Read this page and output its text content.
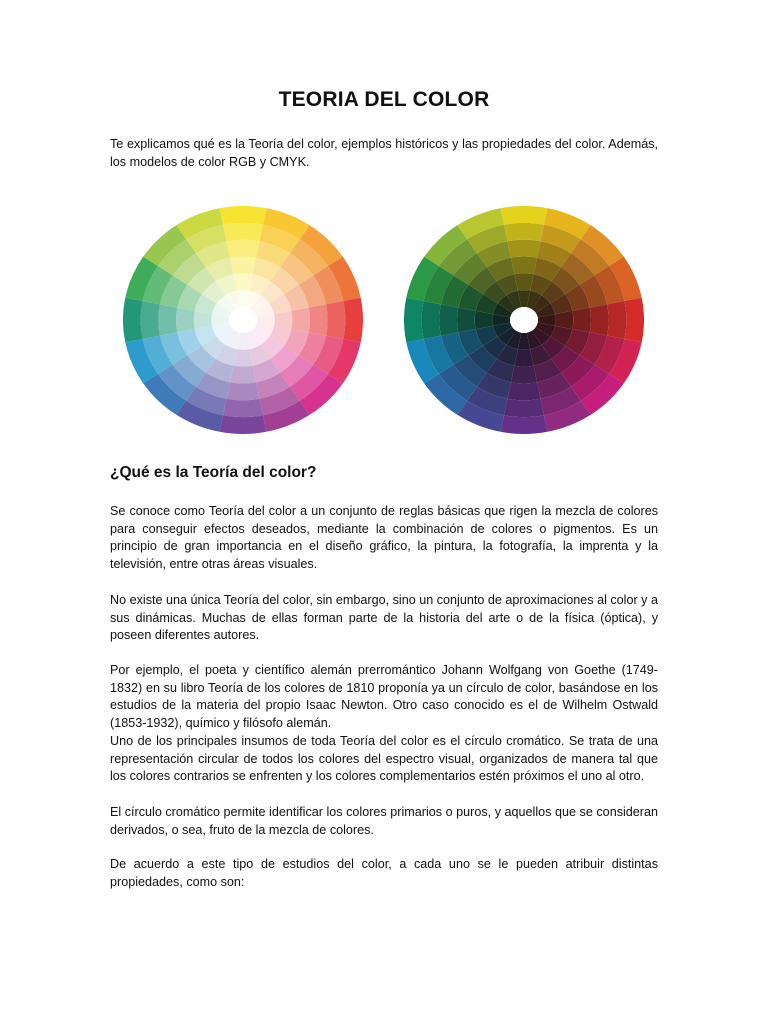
TEORIA DEL COLOR

Te explicamos qué es la Teoría del color, ejemplos históricos y las propiedades del color. Además, los modelos de color RGB y CMYK.

¿Qué es la Teoría del color?

Se conoce como Teoría del color a un conjunto de reglas básicas que rigen la mezcla de colores para conseguir efectos deseados, mediante la combinación de colores o pigmentos. Es un principio de gran importancia en el diseño gráfico, la pintura, la fotografía, la imprenta y la televisión, entre otras áreas visuales.

No existe una única Teoría del color, sin embargo, sino un conjunto de aproximaciones al color y a sus dinámicas. Muchas de ellas forman parte de la historia del arte o de la física (óptica), y poseen diferentes autores.

Por ejemplo, el poeta y científico alemán prerromántico Johann Wolfgang von Goethe (1749-1832) en su libro Teoría de los colores de 1810 proponía ya un círculo de color, basándose en los estudios de la materia del propio Isaac Newton. Otro caso conocido es el de Wilhelm Ostwald (1853-1932), químico y filósofo alemán.

Uno de los principales insumos de toda Teoría del color es el círculo cromático. Se trata de una representación circular de todos los colores del espectro visual, organizados de manera tal que los colores contrarios se enfrenten y los colores complementarios estén próximos el uno al otro.

El círculo cromático permite identificar los colores primarios o puros, y aquellos que se consideran derivados, o sea, fruto de la mezcla de colores.

De acuerdo a este tipo de estudios del color, a cada uno se le pueden atribuir distintas propiedades, como son:
